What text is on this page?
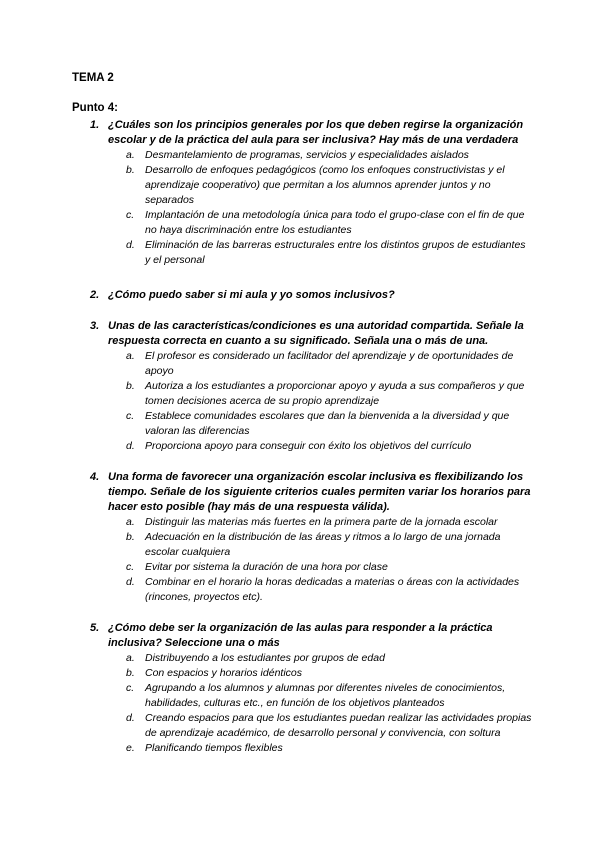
TEMA 2

Punto 4:

1. ¿Cuáles son los principios generales por los que deben regirse la organización escolar y de la práctica del aula para ser inclusiva? Hay más de una verdadera

a. Desmantelamiento de programas, servicios y especialidades aislados
b. Desarrollo de enfoques pedagógicos (como los enfoques constructivistas y el aprendizaje cooperativo) que permitan a los alumnos aprender juntos y no separados
c. Implantación de una metodología única para todo el grupo-clase con el fin de que no haya discriminación entre los estudiantes
d. Eliminación de las barreras estructurales entre los distintos grupos de estudiantes y el personal
2. ¿Cómo puedo saber si mi aula y yo somos inclusivos?

3. Unas de las características/condiciones es una autoridad compartida. Señale la respuesta correcta en cuanto a su significado. Señala una o más de una.

a. El profesor es considerado un facilitador del aprendizaje y de oportunidades de apoyo
b. Autoriza a los estudiantes a proporcionar apoyo y ayuda a sus compañeros y que tomen decisiones acerca de su propio aprendizaje
c. Establece comunidades escolares que dan la bienvenida a la diversidad y que valoran las diferencias
d. Proporciona apoyo para conseguir con éxito los objetivos del currículo
4. Una forma de favorecer una organización escolar inclusiva es flexibilizando los tiempo. Señale de los siguiente criterios cuales permiten variar los horarios para hacer esto posible (hay más de una respuesta válida).

a. Distinguir las materias más fuertes en la primera parte de la jornada escolar
b. Adecuación en la distribución de las áreas y ritmos a lo largo de una jornada escolar cualquiera
c. Evitar por sistema la duración de una hora por clase
d. Combinar en el horario la horas dedicadas a materias o áreas con la actividades (rincones, proyectos etc).
5. ¿Cómo debe ser la organización de las aulas para responder a la práctica inclusiva? Seleccione una o más

a. Distribuyendo a los estudiantes por grupos de edad
b. Con espacios y horarios idénticos
c. Agrupando a los alumnos y alumnas por diferentes niveles de conocimientos, habilidades, culturas etc., en función de los objetivos planteados
d. Creando espacios para que los estudiantes puedan realizar las actividades propias de aprendizaje académico, de desarrollo personal y convivencia, con soltura
e. Planificando tiempos flexibles
